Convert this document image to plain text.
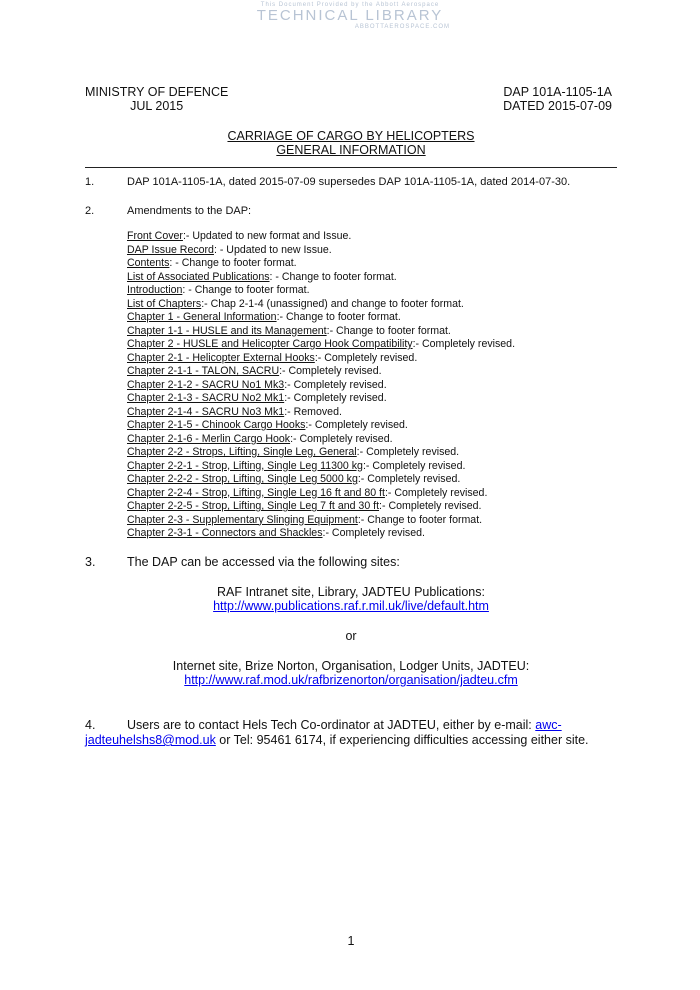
This Document Provided by the Abbott Aerospace
TECHNICAL LIBRARY
ABBOTTAEROSPACE.COM
MINISTRY OF DEFENCE
JUL 2015
DAP 101A-1105-1A
DATED 2015-07-09
CARRIAGE OF CARGO BY HELICOPTERS
GENERAL INFORMATION
1.	DAP 101A-1105-1A, dated 2015-07-09 supersedes DAP 101A-1105-1A, dated 2014-07-30.
2.	Amendments to the DAP:
Front Cover:- Updated to new format and Issue.
DAP Issue Record: - Updated to new Issue.
Contents: - Change to footer format.
List of Associated Publications: - Change to footer format.
Introduction: - Change to footer format.
List of Chapters:- Chap 2-1-4 (unassigned) and change to footer format.
Chapter 1 - General Information:- Change to footer format.
Chapter 1-1 - HUSLE and its Management:- Change to footer format.
Chapter 2 - HUSLE and Helicopter Cargo Hook Compatibility:- Completely revised.
Chapter 2-1 - Helicopter External Hooks:- Completely revised.
Chapter 2-1-1 - TALON, SACRU:- Completely revised.
Chapter 2-1-2 - SACRU No1 Mk3:- Completely revised.
Chapter 2-1-3 - SACRU No2 Mk1:- Completely revised.
Chapter 2-1-4 - SACRU No3 Mk1:- Removed.
Chapter 2-1-5 - Chinook Cargo Hooks:- Completely revised.
Chapter 2-1-6 - Merlin Cargo Hook:- Completely revised.
Chapter 2-2 - Strops, Lifting, Single Leg, General:- Completely revised.
Chapter 2-2-1 - Strop, Lifting, Single Leg 11300 kg:- Completely revised.
Chapter 2-2-2 - Strop, Lifting, Single Leg 5000 kg:- Completely revised.
Chapter 2-2-4 - Strop, Lifting, Single Leg 16 ft and 80 ft:- Completely revised.
Chapter 2-2-5 - Strop, Lifting, Single Leg 7 ft and 30 ft:- Completely revised.
Chapter 2-3 - Supplementary Slinging Equipment:- Change to footer format.
Chapter 2-3-1 - Connectors and Shackles:- Completely revised.
3.	The DAP can be accessed via the following sites:
RAF Intranet site, Library, JADTEU Publications:
http://www.publications.raf.r.mil.uk/live/default.htm
or
Internet site, Brize Norton, Organisation, Lodger Units, JADTEU:
http://www.raf.mod.uk/rafbrizenorton/organisation/jadteu.cfm
4.	Users are to contact Hels Tech Co-ordinator at JADTEU, either by e-mail: awc-
jadteuhelshs8@mod.uk or Tel: 95461 6174, if experiencing difficulties accessing either site.
1
